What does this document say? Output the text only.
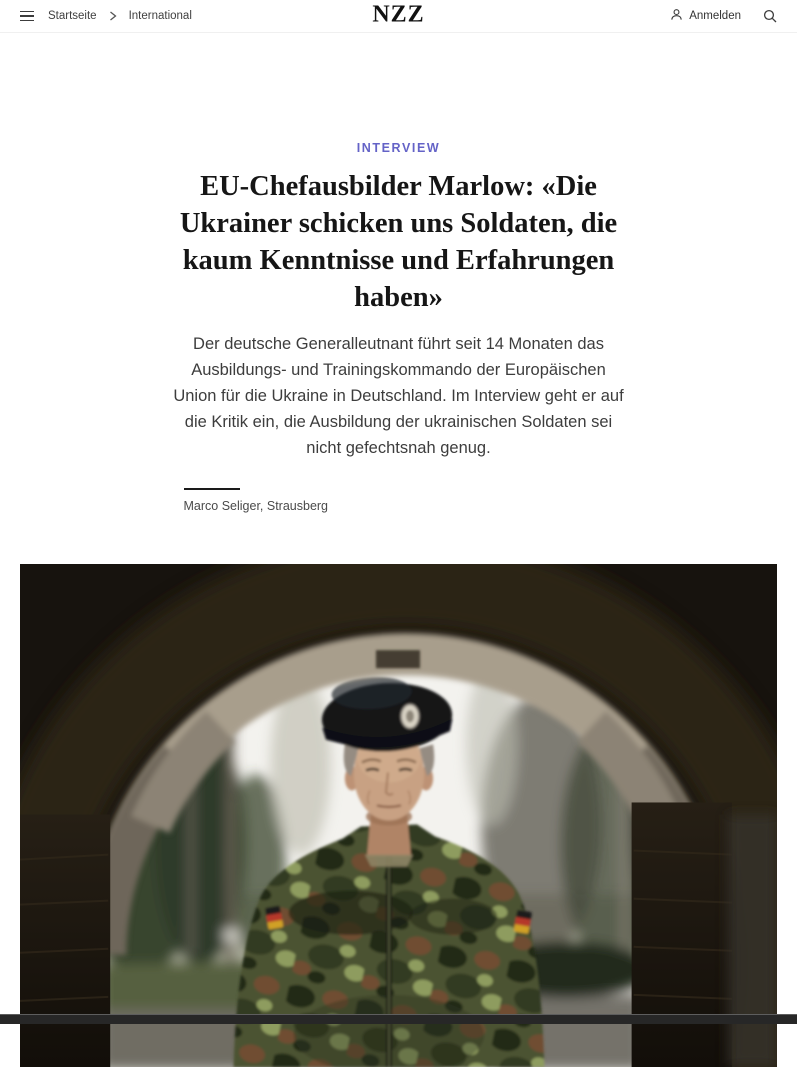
Startseite	International	NZZ	Anmelden
INTERVIEW
EU-Chefausbilder Marlow: «Die Ukrainer schicken uns Soldaten, die kaum Kenntnisse und Erfahrungen haben»

Der deutsche Generalleutnant führt seit 14 Monaten das Ausbildungs- und Trainingskommando der Europäischen Union für die Ukraine in Deutschland. Im Interview geht er auf die Kritik ein, die Ausbildung der ukrainischen Soldaten sei nicht gefechtsnah genug.

Marco Seliger, Strausberg
